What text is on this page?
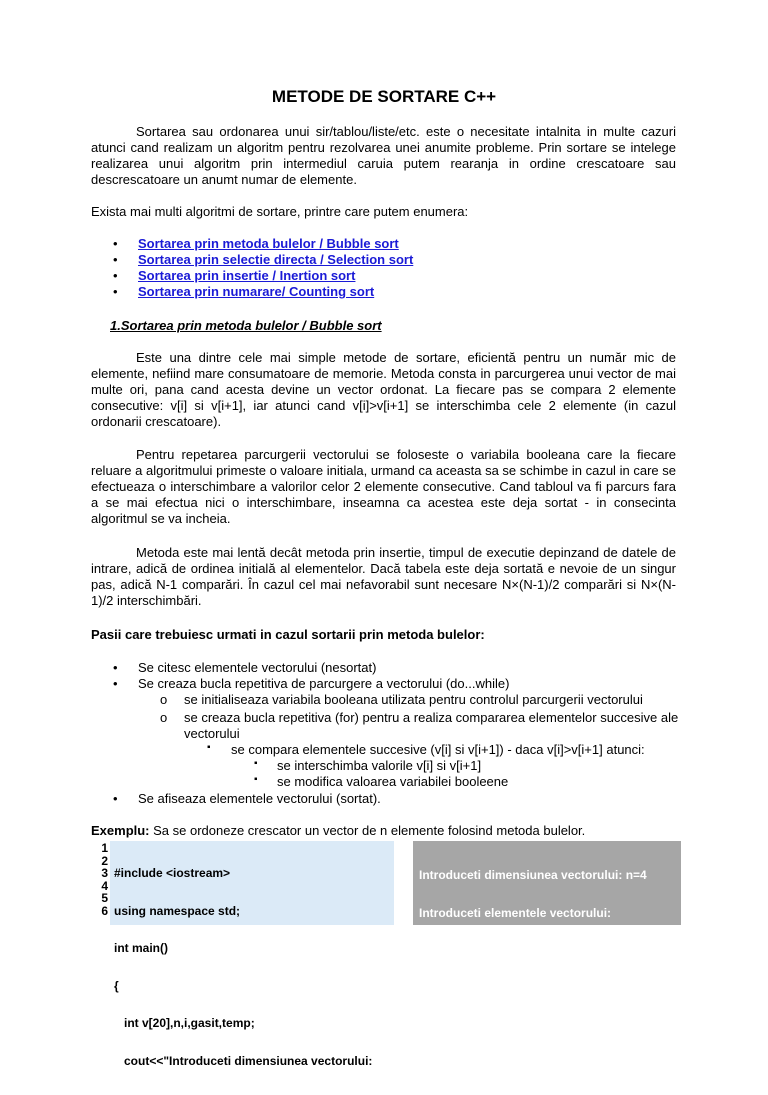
METODE DE SORTARE C++
Sortarea sau ordonarea unui sir/tablou/liste/etc. este o necesitate intalnita in multe cazuri atunci cand realizam un algoritm pentru rezolvarea unei anumite probleme. Prin sortare se intelege realizarea unui algoritm prin intermediul caruia putem rearanja in ordine crescatoare sau descrescatoare un anumt numar de elemente.
Exista mai multi algoritmi de sortare, printre care putem enumera:
• Sortarea prin metoda bulelor / Bubble sort
• Sortarea prin selectie directa / Selection sort
• Sortarea prin insertie / Inertion sort
• Sortarea prin numarare/ Counting sort
1.Sortarea prin metoda bulelor / Bubble sort
Este una dintre cele mai simple metode de sortare, eficientă pentru un număr mic de elemente, nefiind mare consumatoare de memorie. Metoda consta in parcurgerea unui vector de mai multe ori, pana cand acesta devine un vector ordonat. La fiecare pas se compara 2 elemente consecutive: v[i] si v[i+1], iar atunci cand v[i]>v[i+1] se interschimba cele 2 elemente (in cazul ordonarii crescatoare).
Pentru repetarea parcurgerii vectorului se foloseste o variabila booleana care la fiecare reluare a algoritmului primeste o valoare initiala, urmand ca aceasta sa se schimbe in cazul in care se efectueaza o interschimbare a valorilor celor 2 elemente consecutive. Cand tabloul va fi parcurs fara a se mai efectua nici o interschimbare, inseamna ca acestea este deja sortat - in consecinta algoritmul se va incheia.
Metoda este mai lentă decât metoda prin insertie, timpul de executie depinzand de datele de intrare, adică de ordinea initială al elementelor. Dacă tabela este deja sortată e nevoie de un singur pas, adică N-1 comparări. În cazul cel mai nefavorabil sunt necesare N×(N-1)/2 comparări si N×(N-1)/2 interschimbări.
Pasii care trebuiesc urmati in cazul sortarii prin metoda bulelor:
• Se citesc elementele vectorului (nesortat)
• Se creaza bucla repetitiva de parcurgere a vectorului (do...while)
o se initialiseaza variabila booleana utilizata pentru controlul parcurgerii vectorului
o se creaza bucla repetitiva (for) pentru a realiza compararea elementelor succesive ale
vectorului
▪ se compara elementele succesive (v[i] si v[i+1]) - daca v[i]>v[i+1] atunci:
▪ se interschimba valorile v[i] si v[i+1]
▪ se modifica valoarea variabilei booleene
• Se afiseaza elementele vectorului (sortat).
Exemplu: Sa se ordoneze crescator un vector de n elemente folosind metoda bulelor.
1
2
3
4
5
6

#include <iostream>

using namespace std;

int main()

{

int v[20],n,i,gasit,temp;

cout<<"Introduceti dimensiunea vectorului:

Introduceti dimensiunea vectorului: n=4

Introduceti elementele vectorului:

v[1]=3

v[2]=2

v[3]=5

v[4]=1
